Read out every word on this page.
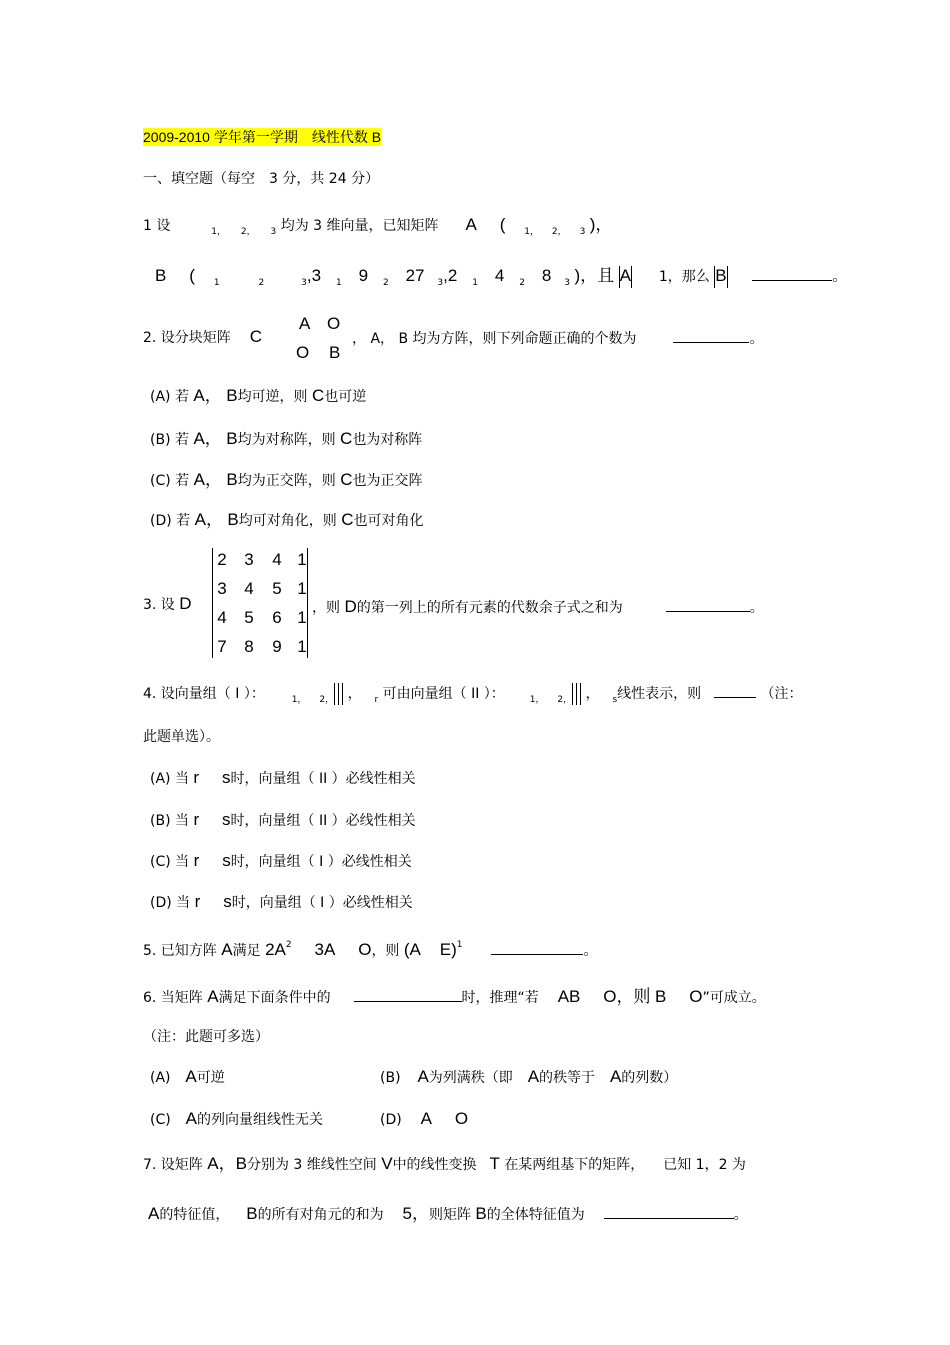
2009-2010 学年第一学期　线性代数 B
一、填空题（每空　3 分，共 24 分）
1 设	$_{1,}$ $_{2,}$ $_3$ 均为 3 维向量，已知矩阵 A ( $_{1,}$ $_{2,}$ $_3$ )，
B ( $_1$	$_2$	$_3$,3 $_1$ 9 $_2$ 27 $_3$,2 $_1$ 4 $_2$ 8 $_3$ )，且 A 1，那么 B	。
2. 设分块矩阵 C
A O
O B
， A， B 均为方阵，则下列命题正确的个数为	。
(A) 若 A， B均可逆，则 C也可逆
(B) 若 A， B均为对称阵，则 C也为对称阵
(C) 若 A， B均为正交阵，则 C也为正交阵
(D) 若 A， B均可对角化，则 C也可对角化
3. 设 D
2	3	4 1
3	4	5 1
4	5	6 1
7	8	9 1
，则 D的第一列上的所有元素的代数余子式之和为	。
4. 设向量组（ I ）：	$_{1,}$ $_{2,}$ ， $_r$ 可由向量组（ II ）：	$_{1,}$ $_{2,}$ ， $_s$线性表示，则	（注：
此题单选）。
(A) 当 r s时，向量组（ II ）必线性相关
(B) 当 r s时，向量组（ II ）必线性相关
(C) 当 r s时，向量组（ I ）必线性相关
(D) 当 r s时，向量组（ I ）必线性相关
5. 已知方阵 A满足 $2A^2$ 3A O，则 (A E)$^1$	。
6. 当矩阵 A满足下面条件中的	时，推理“若 AB O，则 B O”可成立。
（注：此题可多选）
(A) A可逆	(B) A为列满秩（即 A的秩等于 A的列数）
(C) A的列向量组线性无关	(D) A O
7. 设矩阵 A，B分别为 3 维线性空间 V中的线性变换 T 在某两组基下的矩阵， 已知 1，2 为
A的特征值， B的所有对角元的和为 5，则矩阵 B的全体特征值为	。
